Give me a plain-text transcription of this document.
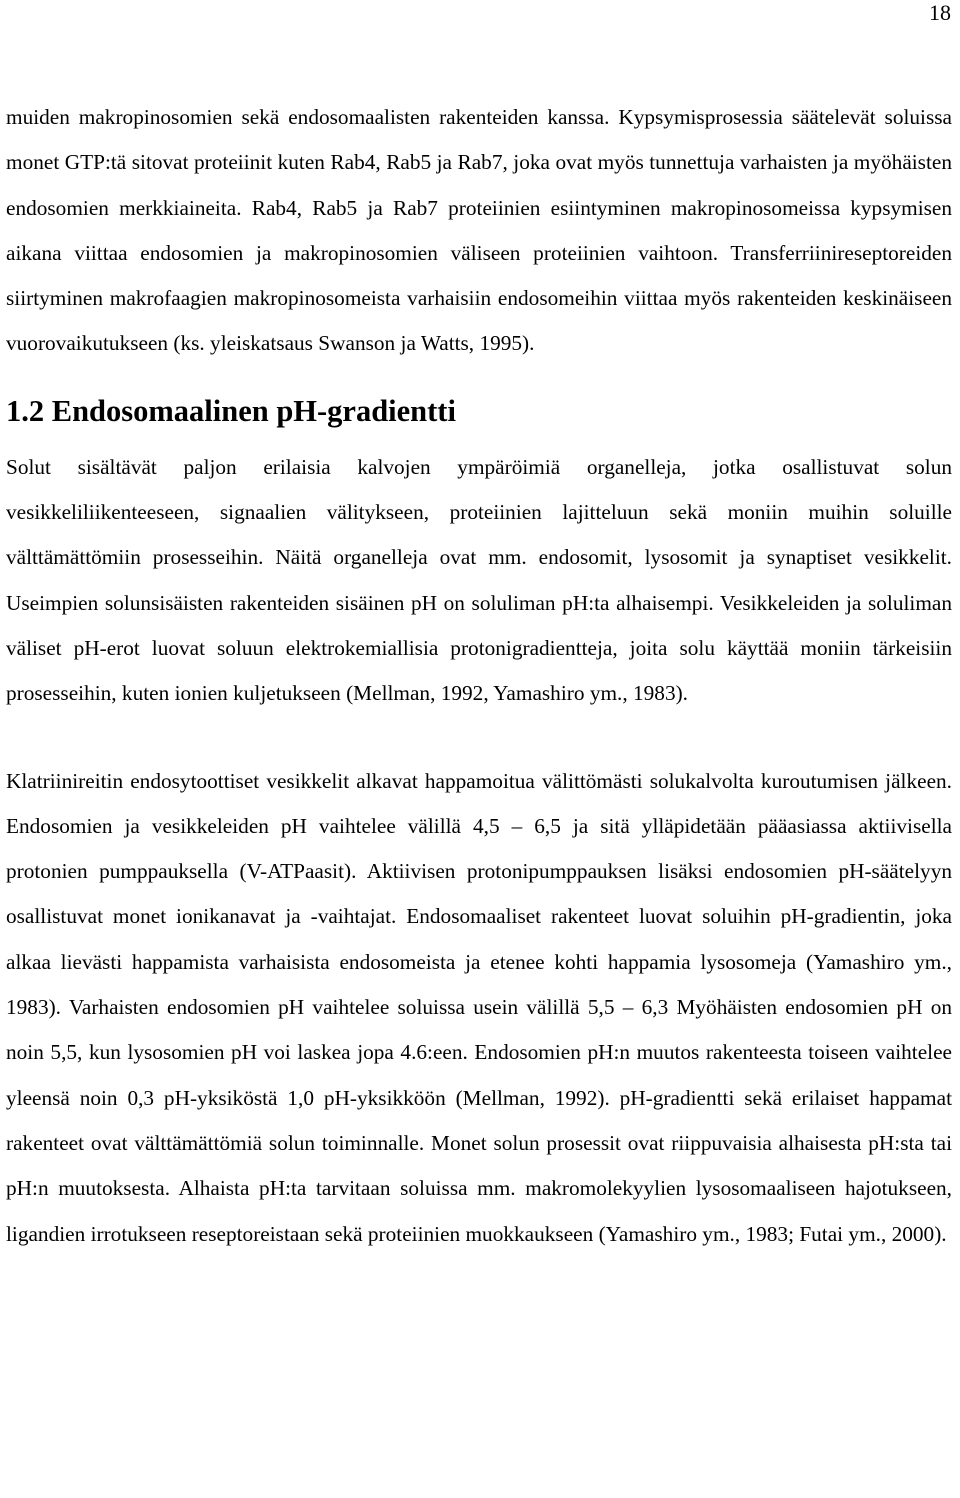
18

muiden makropinosomien sekä endosomaalisten rakenteiden kanssa. Kypsymisprosessia säätelevät soluissa monet GTP:tä sitovat proteiinit kuten Rab4, Rab5 ja Rab7, joka ovat myös tunnettuja varhaisten ja myöhäisten endosomien merkkiaineita. Rab4, Rab5 ja Rab7 proteiinien esiintyminen makropinosomeissa kypsymisen aikana viittaa endosomien ja makropinosomien väliseen proteiinien vaihtoon. Transferriinireseptoreiden siirtyminen makrofaagien makropinosomeista varhaisiin endosomeihin viittaa myös rakenteiden keskinäiseen vuorovaikutukseen (ks. yleiskatsaus Swanson ja Watts, 1995).

1.2 Endosomaalinen pH-gradientti

Solut sisältävät paljon erilaisia kalvojen ympäröimiä organelleja, jotka osallistuvat solun vesikkeliliikenteeseen, signaalien välitykseen, proteiinien lajitteluun sekä moniin muihin soluille välttämättömiin prosesseihin. Näitä organelleja ovat mm. endosomit, lysosomit ja synaptiset vesikkelit. Useimpien solunsisäisten rakenteiden sisäinen pH on soluliman pH:ta alhaisempi. Vesikkeleiden ja soluliman väliset pH-erot luovat soluun elektrokemiallisia protonigradientteja, joita solu käyttää moniin tärkeisiin prosesseihin, kuten ionien kuljetukseen (Mellman, 1992, Yamashiro ym., 1983).

Klatriinireitin endosytoottiset vesikkelit alkavat happamoitua välittömästi solukalvolta kuroutumisen jälkeen. Endosomien ja vesikkeleiden pH vaihtelee välillä 4,5 – 6,5 ja sitä ylläpidetään pääasiassa aktiivisella protonien pumppauksella (V-ATPaasit). Aktiivisen protonipumppauksen lisäksi endosomien pH-säätelyyn osallistuvat monet ionikanavat ja -vaihtajat. Endosomaaliset rakenteet luovat soluihin pH-gradientin, joka alkaa lievästi happamista varhaisista endosomeista ja etenee kohti happamia lysosomeja (Yamashiro ym., 1983). Varhaisten endosomien pH vaihtelee soluissa usein välillä 5,5 – 6,3 Myöhäisten endosomien pH on noin 5,5, kun lysosomien pH voi laskea jopa 4.6:een. Endosomien pH:n muutos rakenteesta toiseen vaihtelee yleensä noin 0,3 pH-yksiköstä 1,0 pH-yksikköön (Mellman, 1992). pH-gradientti sekä erilaiset happamat rakenteet ovat välttämättömiä solun toiminnalle. Monet solun prosessit ovat riippuvaisia alhaisesta pH:sta tai pH:n muutoksesta. Alhaista pH:ta tarvitaan soluissa mm. makromolekyylien lysosomaaliseen hajotukseen, ligandien irrotukseen reseptoreistaan sekä proteiinien muokkaukseen (Yamashiro ym., 1983; Futai ym., 2000).
